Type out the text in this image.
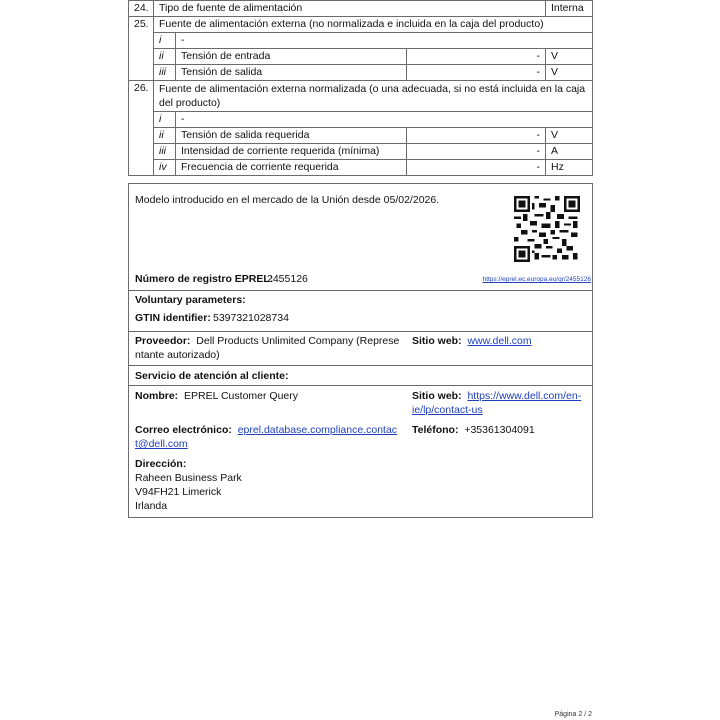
24.	Tipo de fuente de alimentación			Interna
25.	Fuente de alimentación externa (no normalizada e incluida en la caja del producto)			
	i	-		
	ii	Tensión de entrada	-	V
	iii	Tensión de salida	-	V
26.	Fuente de alimentación externa normalizada (o una adecuada, si no está incluida en la caja del producto)			
	i	-		
	ii	Tensión de salida requerida	-	V
	iii	Intensidad de corriente requerida (mínima)	-	A
	iv	Frecuencia de corriente requerida	-	Hz
Modelo introducido en el mercado de la Unión desde 05/02/2026.
Número de registro EPREL:
2455126	https://eprel.ec.europa.eu/qr/2455126
Voluntary parameters:
GTIN identifier: 5397321028734
Proveedor: Dell Products Unlimited Company (Represe
ntante autorizado)
Sitio web: www.dell.com
Servicio de atención al cliente:
Nombre: EPREL Customer Query	Sitio web: https://www.dell.com/en-
ie/lp/contact-us
Correo electrónico: eprel.database.compliance.contac
t@dell.com
Teléfono: +35361304091
Dirección:
Raheen Business Park
V94FH21 Limerick
Irlanda
Página 2 / 2
